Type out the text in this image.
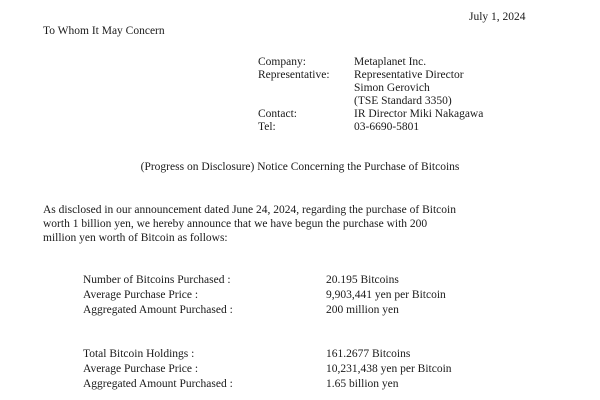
July 1, 2024
To Whom It May Concern
Company:	Metaplanet Inc.
Representative: Representative Director
Simon Gerovich
(TSE Standard 3350)
Contact:	IR Director Miki Nakagawa
Tel:	03-6690-5801
(Progress on Disclosure) Notice Concerning the Purchase of Bitcoins
As disclosed in our announcement dated June 24, 2024, regarding the purchase of Bitcoin
worth 1 billion yen, we hereby announce that we have begun the purchase with 200
million yen worth of Bitcoin as follows:
Number of Bitcoins Purchased :	20.195 Bitcoins
Average Purchase Price :	9,903,441 yen per Bitcoin
Aggregated Amount Purchased :	200 million yen
Total Bitcoin Holdings :	161.2677 Bitcoins
Average Purchase Price :	10,231,438 yen per Bitcoin
Aggregated Amount Purchased :	1.65 billion yen
